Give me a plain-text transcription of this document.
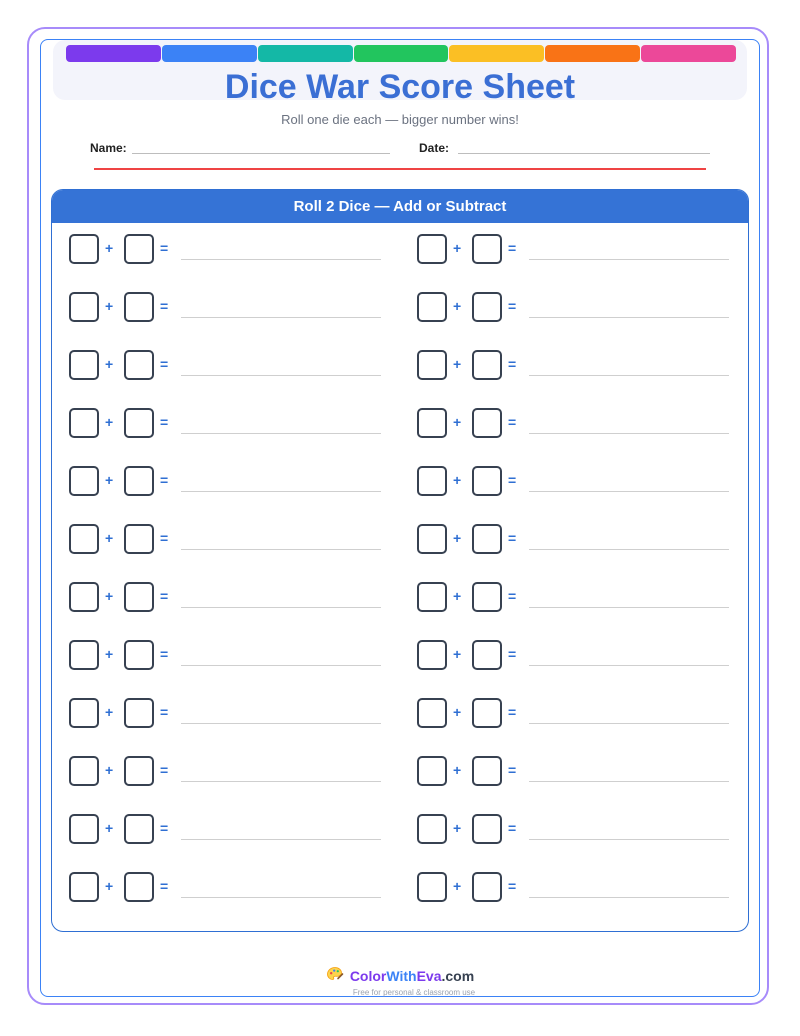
Dice War Score Sheet
Roll one die each — bigger number wins!
Name:	Date:
Roll 2 Dice — Add or Subtract
+	=	+	=
+	=	+	=
+	=	+	=
+	=	+	=
+	=	+	=
+	=	+	=
+	=	+	=
+	=	+	=
+	=	+	=
+	=	+	=
+	=	+	=
+	=	+	=
ColorWithEva.com
Free for personal & classroom use
